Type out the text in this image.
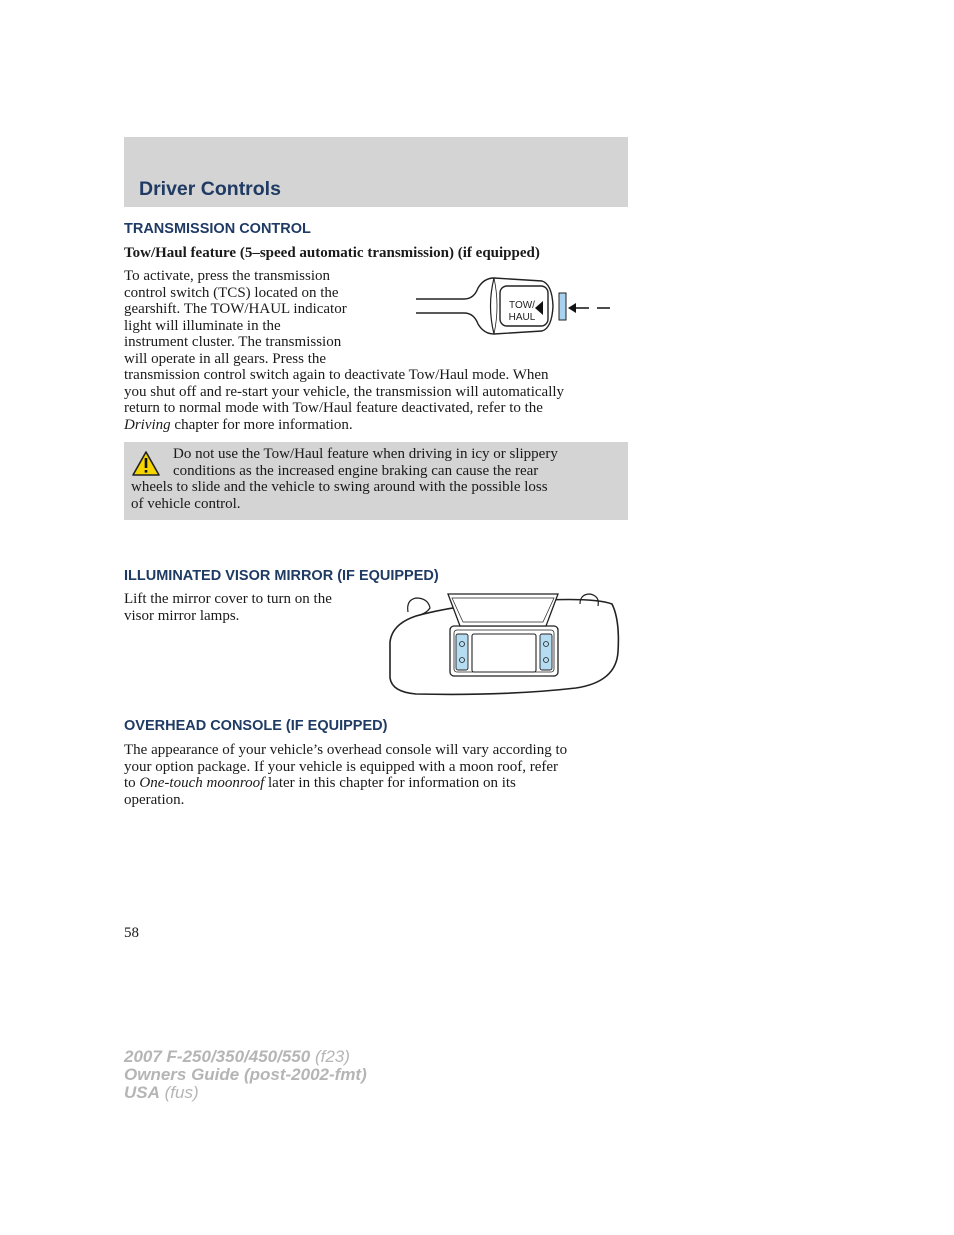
Driver Controls
TRANSMISSION CONTROL

Tow/Haul feature (5–speed automatic transmission) (if equipped)

To activate, press the transmission
control switch (TCS) located on the
gearshift. The TOW/HAUL indicator
light will illuminate in the
instrument cluster. The transmission
will operate in all gears. Press the
transmission control switch again to deactivate Tow/Haul mode. When
you shut off and re-start your vehicle, the transmission will automatically
return to normal mode with Tow/Haul feature deactivated, refer to the
Driving chapter for more information.
TOW/
HAUL
Do not use the Tow/Haul feature when driving in icy or slippery
conditions as the increased engine braking can cause the rear
wheels to slide and the vehicle to swing around with the possible loss
of vehicle control.
ILLUMINATED VISOR MIRROR (IF EQUIPPED)
Lift the mirror cover to turn on the
visor mirror lamps.
OVERHEAD CONSOLE (IF EQUIPPED)
The appearance of your vehicle’s overhead console will vary according to
your option package. If your vehicle is equipped with a moon roof, refer
to One-touch moonroof later in this chapter for information on its
operation.
58
2007 F-250/350/450/550 (f23)
Owners Guide (post-2002-fmt)
USA (fus)
